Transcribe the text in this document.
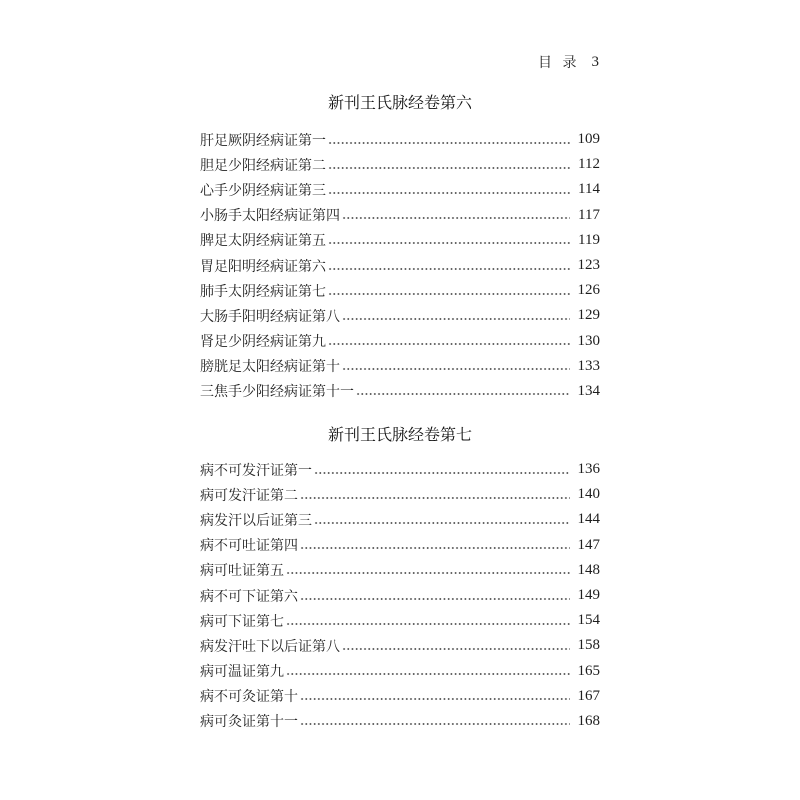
目 录 3
新刊王氏脉经卷第六
肝足厥阴经病证第一	109
胆足少阳经病证第二	112
心手少阴经病证第三	114
小肠手太阳经病证第四	117
脾足太阴经病证第五	119
胃足阳明经病证第六	123
肺手太阴经病证第七	126
大肠手阳明经病证第八	129
肾足少阴经病证第九	130
膀胱足太阳经病证第十	133
三焦手少阳经病证第十一	134
新刊王氏脉经卷第七
病不可发汗证第一	136
病可发汗证第二	140
病发汗以后证第三	144
病不可吐证第四	147
病可吐证第五	148
病不可下证第六	149
病可下证第七	154
病发汗吐下以后证第八	158
病可温证第九	165
病不可灸证第十	167
病可灸证第十一	168
